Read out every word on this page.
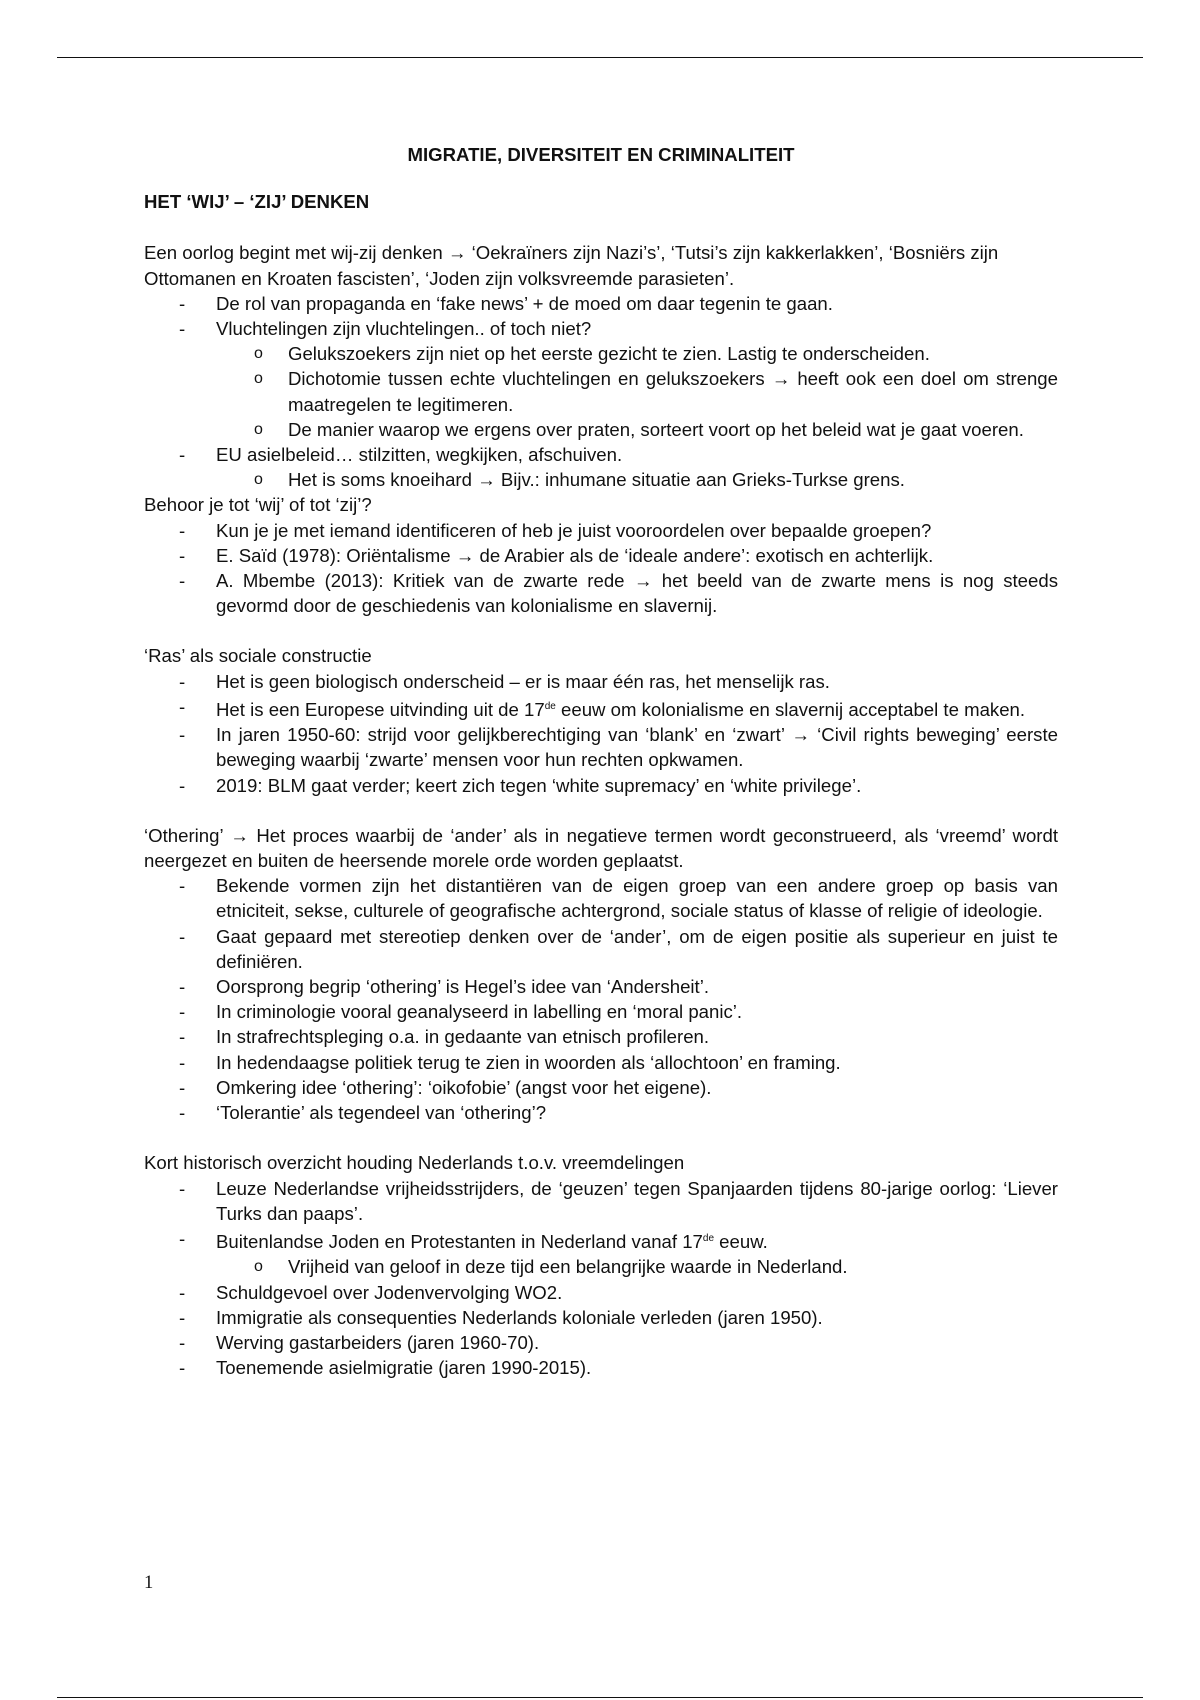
MIGRATIE, DIVERSITEIT EN CRIMINALITEIT
HET ‘WIJ’ – ‘ZIJ’ DENKEN

Een oorlog begint met wij-zij denken → ‘Oekraïners zijn Nazi’s’, ‘Tutsi’s zijn kakkerlakken’, ‘Bosniërs zijn Ottomanen en Kroaten fascisten’, ‘Joden zijn volksvreemde parasieten’.

- De rol van propaganda en ‘fake news’ + de moed om daar tegenin te gaan.
- Vluchtelingen zijn vluchtelingen.. of toch niet?
o Gelukszoekers zijn niet op het eerste gezicht te zien. Lastig te onderscheiden.
o Dichotomie tussen echte vluchtelingen en gelukszoekers → heeft ook een doel om strenge maatregelen te legitimeren.
o De manier waarop we ergens over praten, sorteert voort op het beleid wat je gaat voeren.
- EU asielbeleid… stilzitten, wegkijken, afschuiven.
o Het is soms knoeihard → Bijv.: inhumane situatie aan Grieks-Turkse grens.

Behoor je tot ‘wij’ of tot ‘zij’?

- Kun je je met iemand identificeren of heb je juist vooroordelen over bepaalde groepen?
- E. Saïd (1978): Oriëntalisme → de Arabier als de ‘ideale andere’: exotisch en achterlijk.
- A. Mbembe (2013): Kritiek van de zwarte rede → het beeld van de zwarte mens is nog steeds gevormd door de geschiedenis van kolonialisme en slavernij.

‘Ras’ als sociale constructie

- Het is geen biologisch onderscheid – er is maar één ras, het menselijk ras.
- Het is een Europese uitvinding uit de 17de eeuw om kolonialisme en slavernij acceptabel te maken.
- In jaren 1950-60: strijd voor gelijkberechtiging van ‘blank’ en ‘zwart’ → ‘Civil rights beweging’ eerste beweging waarbij ‘zwarte’ mensen voor hun rechten opkwamen.
- 2019: BLM gaat verder; keert zich tegen ‘white supremacy’ en ‘white privilege’.

‘Othering’ → Het proces waarbij de ‘ander’ als in negatieve termen wordt geconstrueerd, als ‘vreemd’ wordt neergezet en buiten de heersende morele orde worden geplaatst.

- Bekende vormen zijn het distantiëren van de eigen groep van een andere groep op basis van etniciteit, sekse, culturele of geografische achtergrond, sociale status of klasse of religie of ideologie.
- Gaat gepaard met stereotiep denken over de ‘ander’, om de eigen positie als superieur en juist te definiëren.
- Oorsprong begrip ‘othering’ is Hegel’s idee van ‘Andersheit’.
- In criminologie vooral geanalyseerd in labelling en ‘moral panic’.
- In strafrechtspleging o.a. in gedaante van etnisch profileren.
- In hedendaagse politiek terug te zien in woorden als ‘allochtoon’ en framing.
- Omkering idee ‘othering’: ‘oikofobie’ (angst voor het eigene).
- ‘Tolerantie’ als tegendeel van ‘othering’?

Kort historisch overzicht houding Nederlands t.o.v. vreemdelingen

- Leuze Nederlandse vrijheidsstrijders, de ‘geuzen’ tegen Spanjaarden tijdens 80-jarige oorlog: ‘Liever Turks dan paaps’.
- Buitenlandse Joden en Protestanten in Nederland vanaf 17de eeuw.
o Vrijheid van geloof in deze tijd een belangrijke waarde in Nederland.
- Schuldgevoel over Jodenvervolging WO2.
- Immigratie als consequenties Nederlands koloniale verleden (jaren 1950).
- Werving gastarbeiders (jaren 1960-70).
- Toenemende asielmigratie (jaren 1990-2015).
1
